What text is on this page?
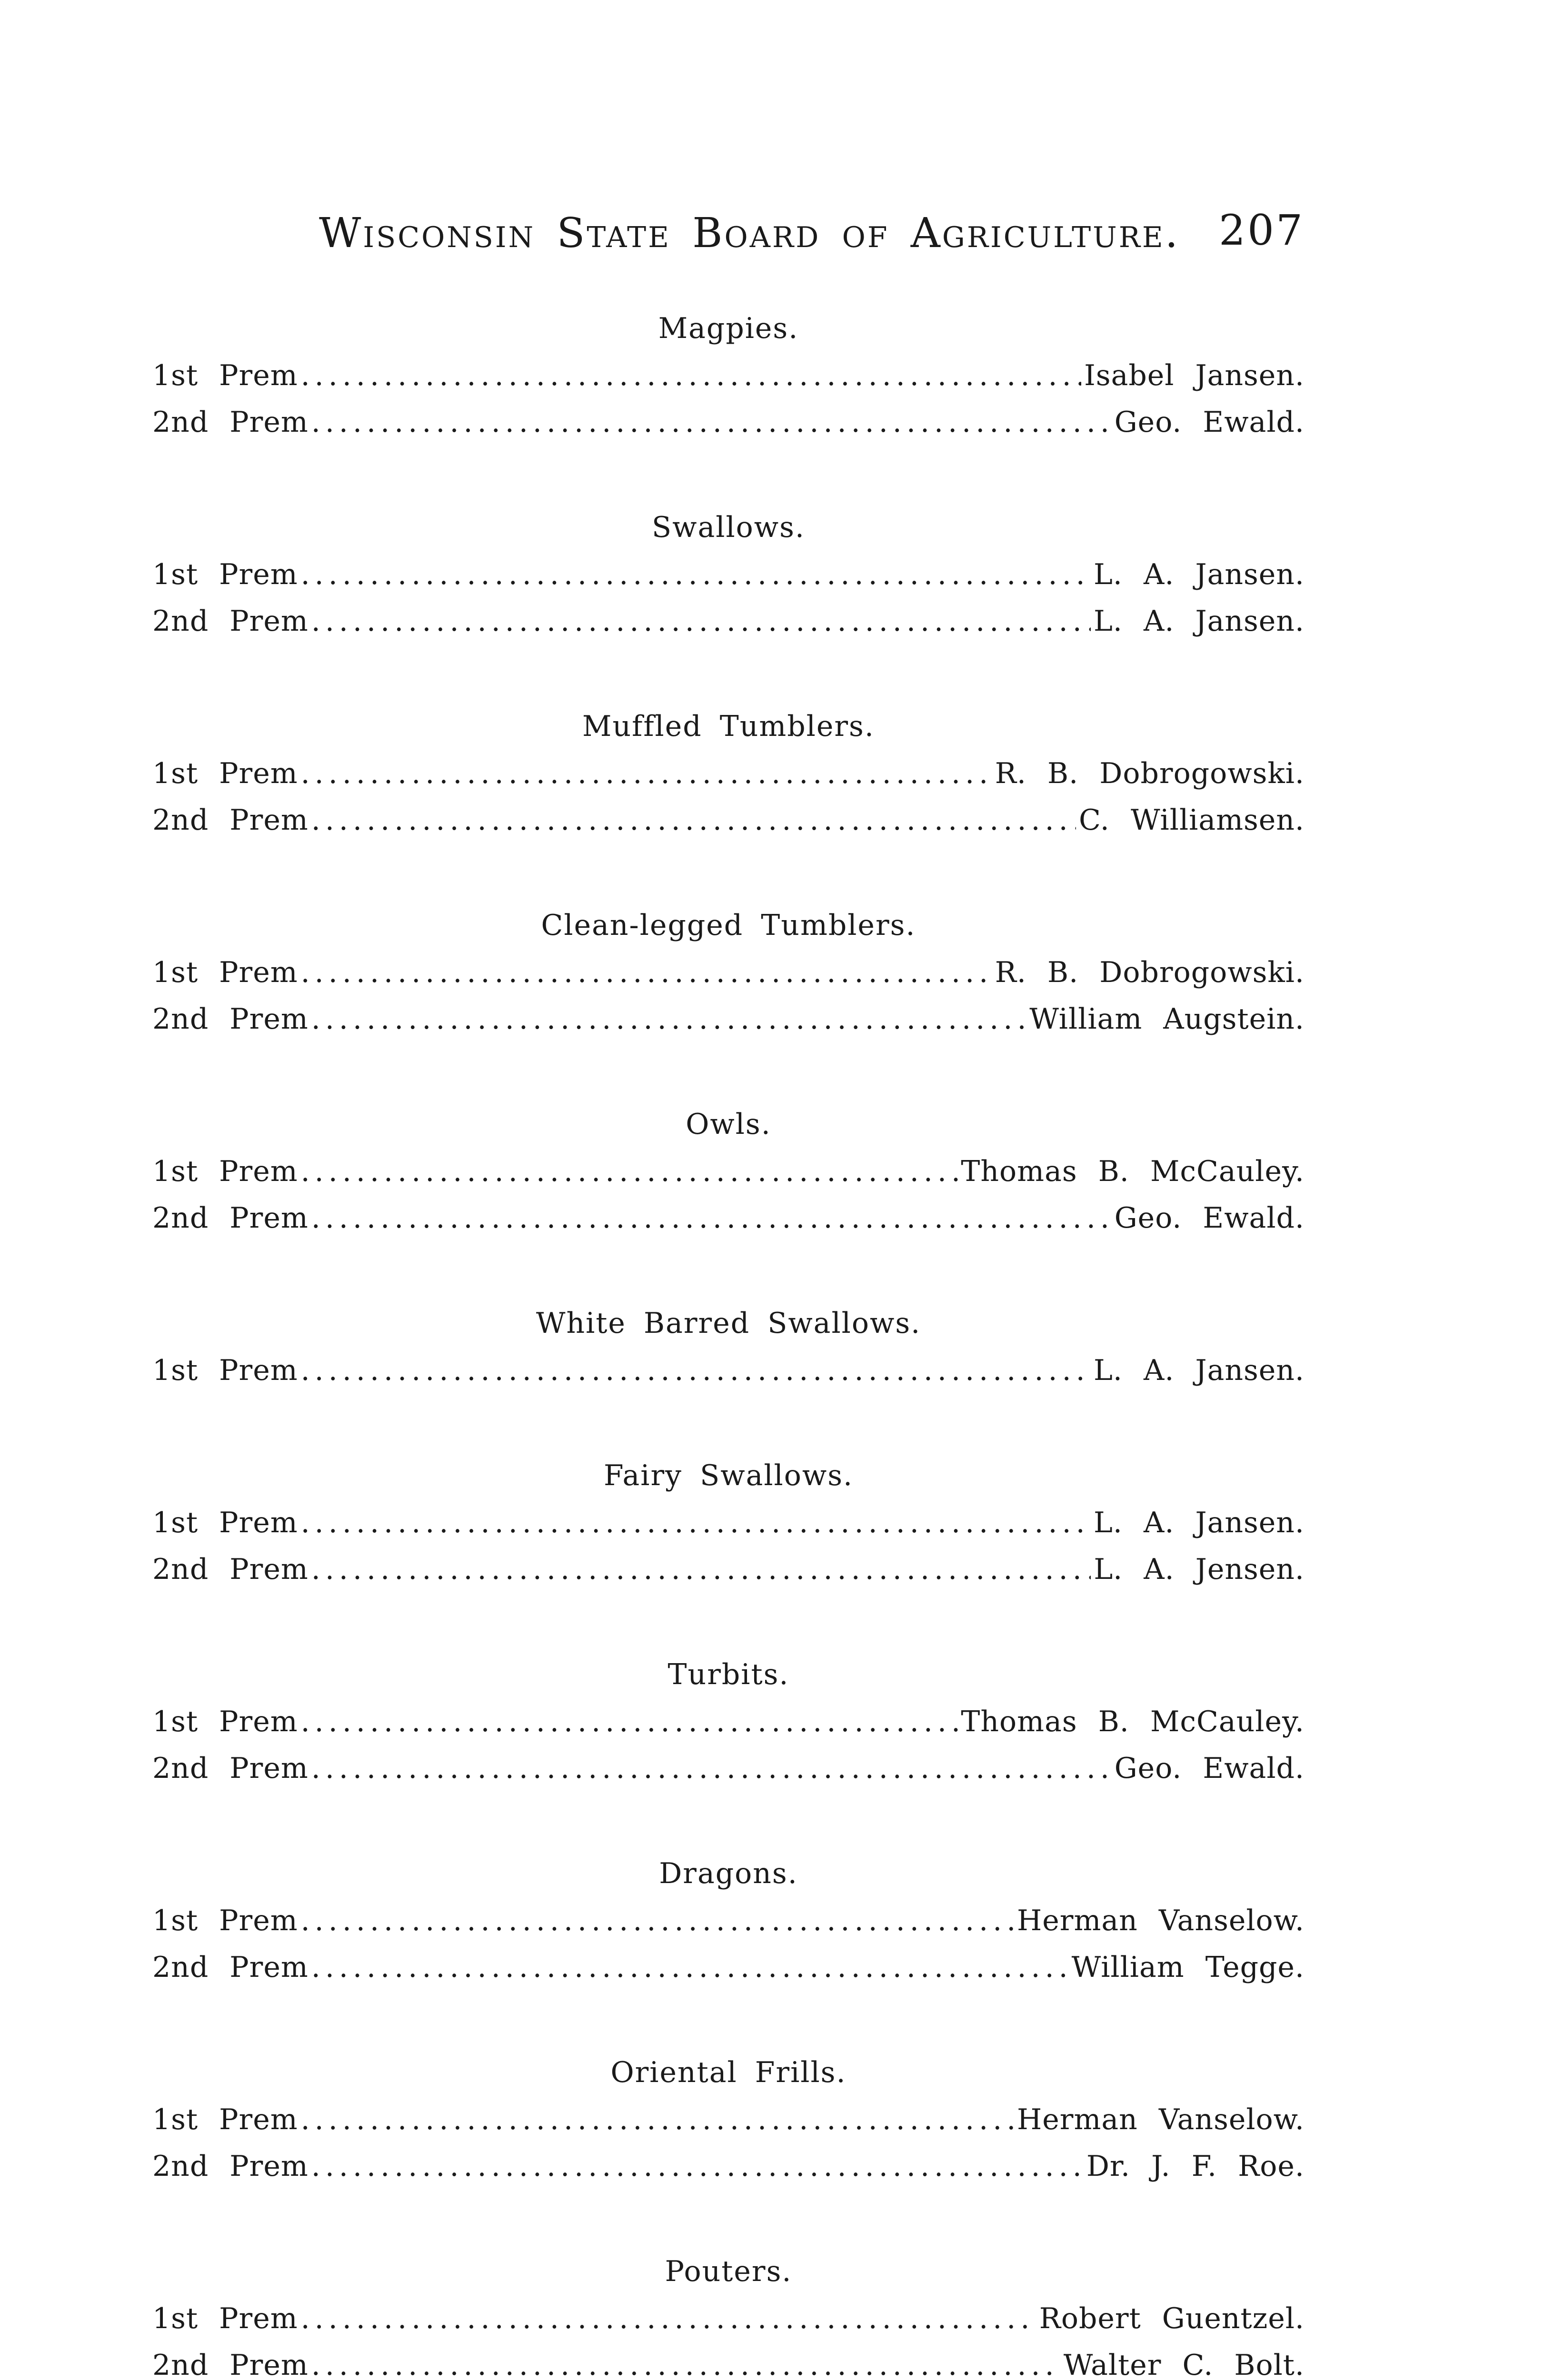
Wisconsin State Board of Agriculture. 207
Magpies.
1st Prem .....	Isabel Jansen.
2nd Prem .....	Geo. Ewald.
Swallows.
1st Prem .....	L. A. Jansen.
2nd Prem .....	L. A. Jansen.
Muffled Tumblers.
1st Prem .....	R. B. Dobrogowski.
2nd Prem .....	C. Williamsen.
Clean-legged Tumblers.
1st Prem .....	R. B. Dobrogowski.
2nd Prem .....	William Augstein.
Owls.
1st Prem .....	Thomas B. McCauley.
2nd Prem .....	Geo. Ewald.
White Barred Swallows.
1st Prem .....	L. A. Jansen.
Fairy Swallows.
1st Prem .....	L. A. Jansen.
2nd Prem .....	L. A. Jensen.
Turbits.
1st Prem .....	Thomas B. McCauley.
2nd Prem .....	Geo. Ewald.
Dragons.
1st Prem .....	Herman Vanselow.
2nd Prem .....	William Tegge.
Oriental Frills.
1st Prem .....	Herman Vanselow.
2nd Prem .....	Dr. J. F. Roe.
Pouters.
1st Prem .....	Robert Guentzel.
2nd Prem .....	Walter C. Bolt.
